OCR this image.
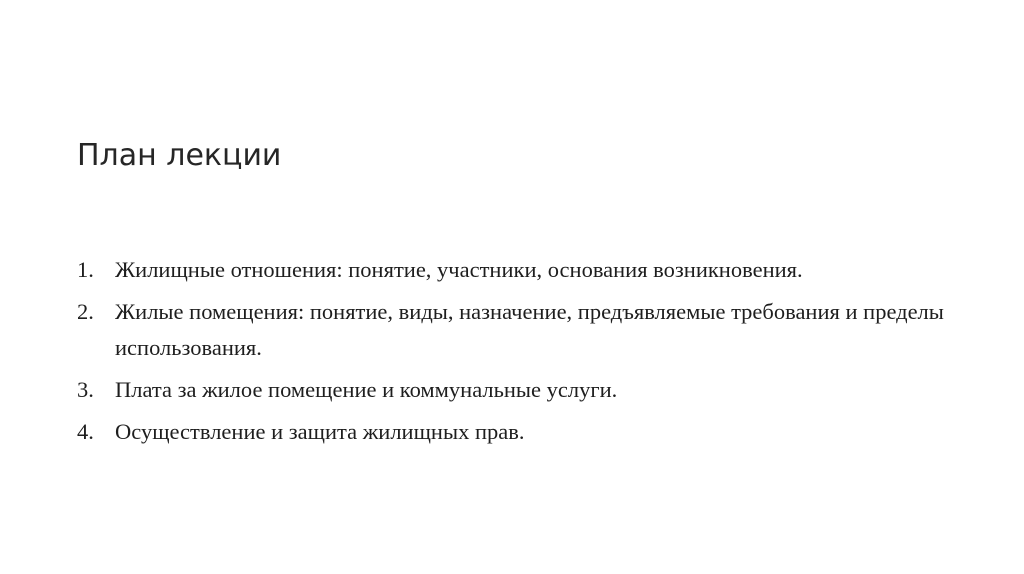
План лекции
1. Жилищные отношения: понятие, участники, основания возникновения.
2. Жилые помещения: понятие, виды, назначение, предъявляемые требования и пределы использования.
3. Плата за жилое помещение и коммунальные услуги.
4. Осуществление и защита жилищных прав.
